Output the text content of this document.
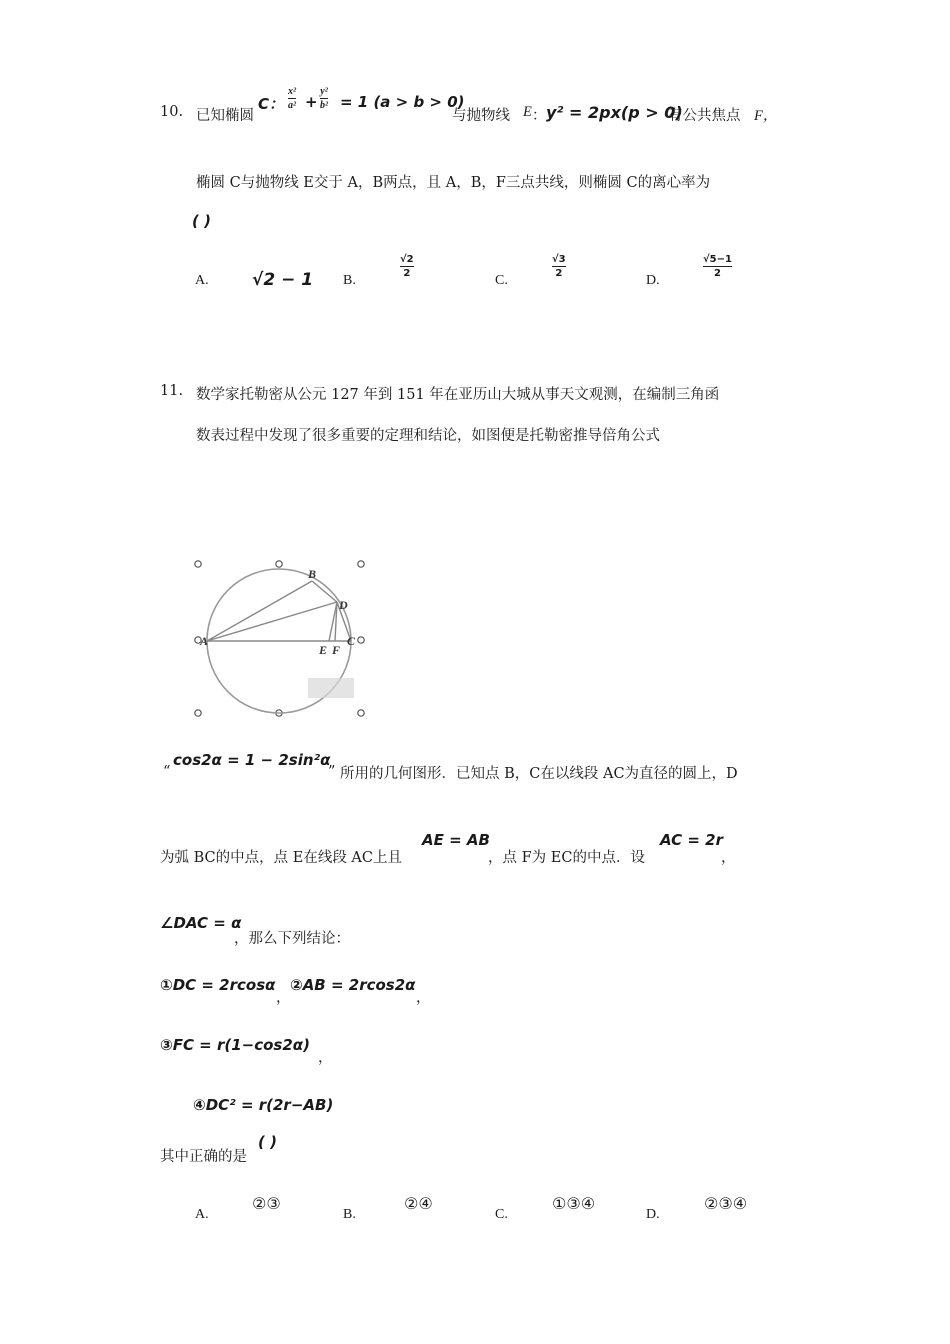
10. 已知椭圆
C： $\frac{\text{x²}}{\text{a²}} + \frac{\text{y²}}{\text{b²}} = 1$ (a > b > 0)
与抛物线 E ： y² = 2px(p > 0)
有公共焦点 F，
椭圆 C与抛物线 E交于 A，B两点，且 A，B，F三点共线，则椭圆 C的离心率为
( )
A.	√2 − 1 B.
$\frac{√2}{2}$
C.
$\frac{√3}{2}$
D.
$\frac{√5-1}{2}$
11. 数学家托勒密从公元 127 年到 151 年在亚历山大城从事天文观测，在编制三角函
数表过程中发现了很多重要的定理和结论，如图便是托勒密推导倍角公式
A
B
D
C
E F
“
cos2α = 1 − 2sin²α
” 所用的几何图形．已知点 B，C在以线段 AC为直径的圆上，D
为弧 BC的中点，点 E在线段 AC上且
AE = AB
，点 F为 EC的中点．设
AC = 2r
，
∠DAC = α
，那么下列结论：
①DC = 2rcosα
，
②AB = 2rcos2α
，
③FC = r(1−cos2α)
，
④DC² = r(2r−AB)
其中正确的是
( )
A.
②③
B.
②④
C.
①③④
D.
②③④
